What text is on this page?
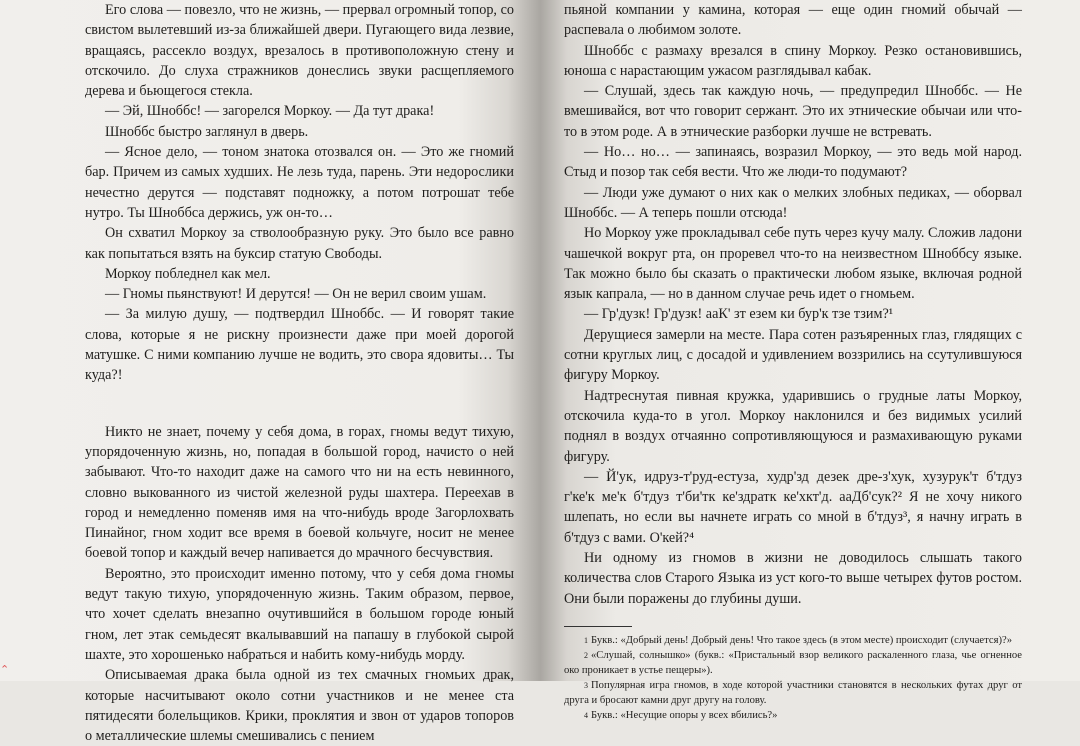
Его слова — повезло, что не жизнь, — прервал огромный топор, со свистом вылетевший из-за ближайшей двери. Пугающего вида лезвие, вращаясь, рассекло воздух, врезалось в противоположную стену и отскочило. До слуха стражников донеслись звуки расщепляемого дерева и бьющегося стекла.

— Эй, Шноббс! — загорелся Моркоу. — Да тут драка!

Шноббс быстро заглянул в дверь.

— Ясное дело, — тоном знатока отозвался он. — Это же гномий бар. Причем из самых худших. Не лезь туда, парень. Эти недорослики нечестно дерутся — подставят подножку, а потом потрошат тебе нутро. Ты Шноббса держись, уж он-то…

Он схватил Моркоу за стволообразную руку. Это было все равно как попытаться взять на буксир статую Свободы.

Моркоу побледнел как мел.

— Гномы пьянствуют! И дерутся! — Он не верил своим ушам.

— За милую душу, — подтвердил Шноббс. — И говорят такие слова, которые я не рискну произнести даже при моей дорогой матушке. С ними компанию лучше не водить, это свора ядовиты… Ты куда?!

Никто не знает, почему у себя дома, в горах, гномы ведут тихую, упорядоченную жизнь, но, попадая в большой город, начисто о ней забывают. Что-то находит даже на самого что ни на есть невинного, словно выкованного из чистой железной руды шахтера. Переехав в город и немедленно поменяв имя на что-нибудь вроде Загорлохвать Пинайног, гном ходит все время в боевой кольчуге, носит не менее боевой топор и каждый вечер напивается до мрачного бесчувствия.

Вероятно, это происходит именно потому, что у себя дома гномы ведут такую тихую, упорядоченную жизнь. Таким образом, первое, что хочет сделать внезапно очутившийся в большом городе юный гном, лет этак семьдесят вкалывавший на папашу в глубокой сырой шахте, это хорошенько набраться и набить кому-нибудь морду.

Описываемая драка была одной из тех смачных гномьих драк, которые насчитывают около сотни участников и не менее ста пятидесяти болельщиков. Крики, проклятия и звон от ударов топоров о металлические шлемы смешивались с пением

⌃

пьяной компании у камина, которая — еще один гномий обычай — распевала о любимом золоте.

Шноббс с размаху врезался в спину Моркоу. Резко остановившись, юноша с нарастающим ужасом разглядывал кабак.

— Слушай, здесь так каждую ночь, — предупредил Шноббс. — Не вмешивайся, вот что говорит сержант. Это их этнические обычаи или что-то в этом роде. А в этнические разборки лучше не встревать.

— Но… но… — запинаясь, возразил Моркоу, — это ведь мой народ. Стыд и позор так себя вести. Что же люди-то подумают?

— Люди уже думают о них как о мелких злобных педиках, — оборвал Шноббс. — А теперь пошли отсюда!

Но Моркоу уже прокладывал себе путь через кучу малу. Сложив ладони чашечкой вокруг рта, он проревел что-то на неизвестном Шноббсу языке. Так можно было бы сказать о практически любом языке, включая родной язык капрала, — но в данном случае речь идет о гномьем.

— Гр'дузк! Гр'дузк! ааК' зт езем ки бур'к тзе тзим?¹

Дерущиеся замерли на месте. Пара сотен разъяренных глаз, глядящих с сотни круглых лиц, с досадой и удивлением воззрились на ссутулившуюся фигуру Моркоу.

Надтреснутая пивная кружка, ударившись о грудные латы Моркоу, отскочила куда-то в угол. Моркоу наклонился и без видимых усилий поднял в воздух отчаянно сопротивляющуюся и размахивающую руками фигуру.

— Й'ук, идруз-т'руд-естуза, худр'зд дезек дре-з'хук, хузурук'т б'тдуз г'ке'к ме'к б'тдуз т'би'тк ке'здратк ке'хкт'д. ааДб'сук?² Я не хочу никого шлепать, но если вы начнете играть со мной в б'тдуз³, я начну играть в б'тдуз с вами. О'кей?⁴

Ни одному из гномов в жизни не доводилось слышать такого количества слов Старого Языка из уст кого-то выше четырех футов ростом. Они были поражены до глубины души.

$^1$ Букв.: «Добрый день! Добрый день! Что такое здесь (в этом месте) происходит (случается)?»
$^2$ «Слушай, солнышко» (букв.: «Пристальный взор великого раскаленного глаза, чье огненное око проникает в устье пещеры»).
$^3$ Популярная игра гномов, в ходе которой участники становятся в нескольких футах друг от друга и бросают камни друг другу на голову.
$^4$ Букв.: «Несущие опоры у всех вбились?»
